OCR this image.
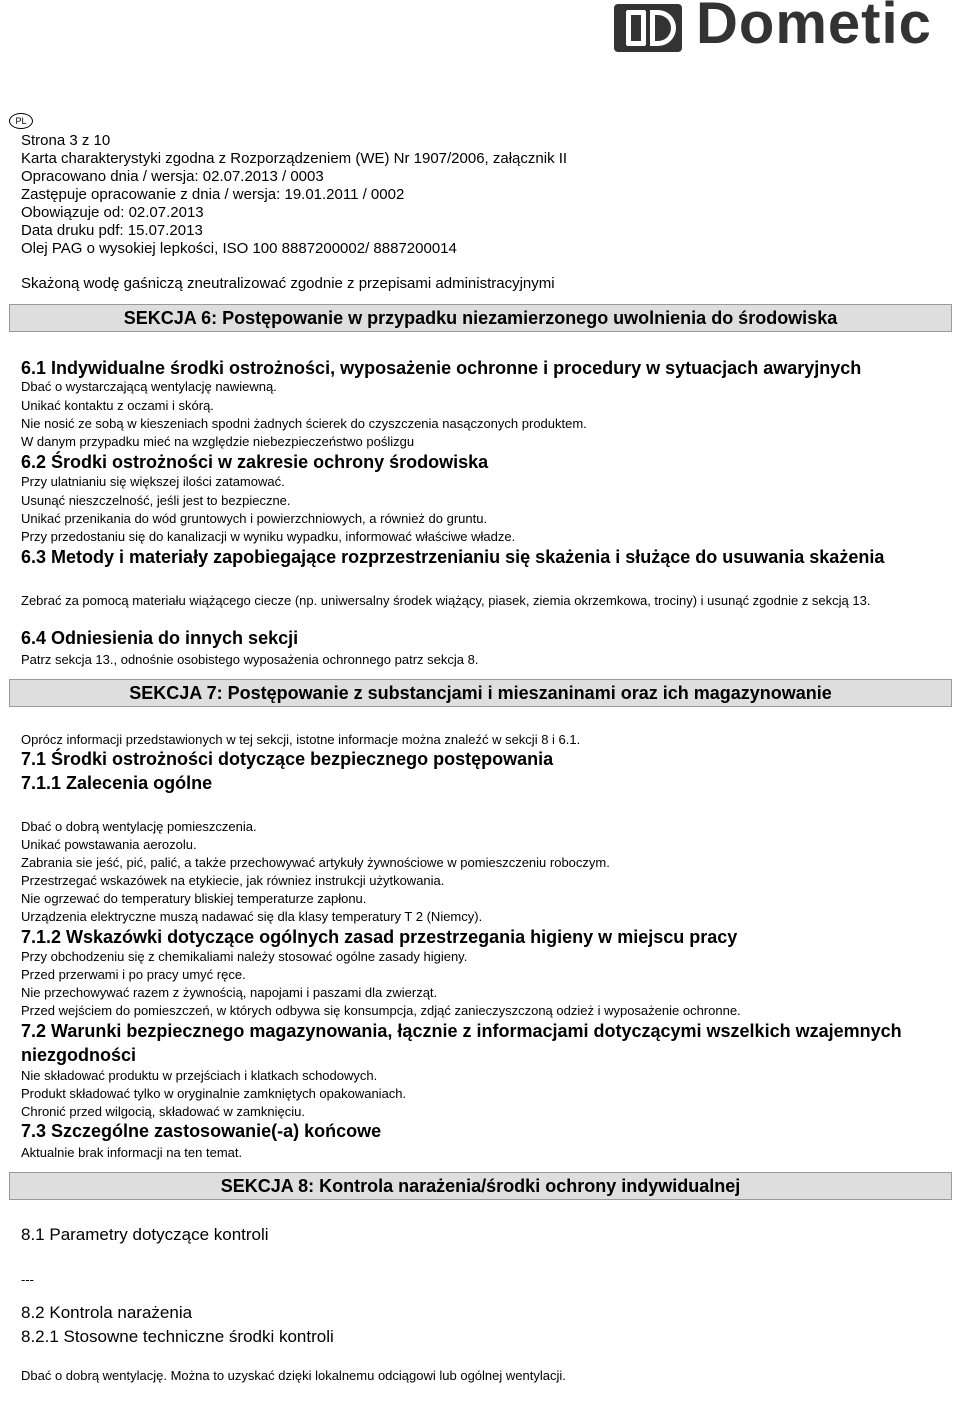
Dometic
PL
Strona 3 z 10
Karta charakterystyki zgodna z Rozporządzeniem (WE) Nr 1907/2006, załącznik II
Opracowano dnia / wersja: 02.07.2013 / 0003
Zastępuje opracowanie z dnia / wersja: 19.01.2011 / 0002
Obowiązuje od: 02.07.2013
Data druku pdf: 15.07.2013
Olej PAG o wysokiej lepkości, ISO 100 8887200002/ 8887200014
Skażoną wodę gaśniczą zneutralizować zgodnie z przepisami administracyjnymi
SEKCJA 6: Postępowanie w przypadku niezamierzonego uwolnienia do środowiska
6.1 Indywidualne środki ostrożności, wyposażenie ochronne i procedury w sytuacjach awaryjnych
Dbać o wystarczającą wentylację nawiewną.
Unikać kontaktu z oczami i skórą.
Nie nosić ze sobą w kieszeniach spodni żadnych ścierek do czyszczenia nasączonych produktem.
W danym przypadku mieć na względzie niebezpieczeństwo poślizgu
6.2 Środki ostrożności w zakresie ochrony środowiska
Przy ulatnianiu się większej ilości zatamować.
Usunąć nieszczelność, jeśli jest to bezpieczne.
Unikać przenikania do wód gruntowych i powierzchniowych, a również do gruntu.
Przy przedostaniu się do kanalizacji w wyniku wypadku, informować właściwe władze.
6.3 Metody i materiały zapobiegające rozprzestrzenianiu się skażenia i służące do usuwania skażenia
Zebrać za pomocą materiału wiążącego ciecze (np. uniwersalny środek wiążący, piasek, ziemia okrzemkowa, trociny) i usunąć zgodnie z sekcją 13.
6.4 Odniesienia do innych sekcji
Patrz sekcja 13., odnośnie osobistego wyposażenia ochronnego patrz sekcja 8.
SEKCJA 7: Postępowanie z substancjami i mieszaninami oraz ich magazynowanie
Oprócz informacji przedstawionych w tej sekcji, istotne informacje można znaleźć w sekcji 8 i 6.1.
7.1 Środki ostrożności dotyczące bezpiecznego postępowania
7.1.1 Zalecenia ogólne
Dbać o dobrą wentylację pomieszczenia.
Unikać powstawania aerozolu.
Zabrania sie jeść, pić, palić, a także przechowywać artykuły żywnościowe w pomieszczeniu roboczym.
Przestrzegać wskazówek na etykiecie, jak równiez instrukcji użytkowania.
Nie ogrzewać do temperatury bliskiej temperaturze zapłonu.
Urządzenia elektryczne muszą nadawać się dla klasy temperatury T 2 (Niemcy).
7.1.2 Wskazówki dotyczące ogólnych zasad przestrzegania higieny w miejscu pracy
Przy obchodzeniu się z chemikaliami należy stosować ogólne zasady higieny.
Przed przerwami i po pracy umyć ręce.
Nie przechowywać razem z żywnością, napojami i paszami dla zwierząt.
Przed wejściem do pomieszczeń, w których odbywa się konsumpcja, zdjąć zanieczyszczoną odzież i wyposażenie ochronne.
7.2 Warunki bezpiecznego magazynowania, łącznie z informacjami dotyczącymi wszelkich wzajemnych niezgodności
Nie składować produktu w przejściach i klatkach schodowych.
Produkt składować tylko w oryginalnie zamkniętych opakowaniach.
Chronić przed wilgocią, składować w zamknięciu.
7.3 Szczególne zastosowanie(-a) końcowe
Aktualnie brak informacji na ten temat.
SEKCJA 8: Kontrola narażenia/środki ochrony indywidualnej
8.1 Parametry dotyczące kontroli
---
8.2 Kontrola narażenia
8.2.1 Stosowne techniczne środki kontroli
Dbać o dobrą wentylację. Można to uzyskać dzięki lokalnemu odciągowi lub ogólnej wentylacji.
